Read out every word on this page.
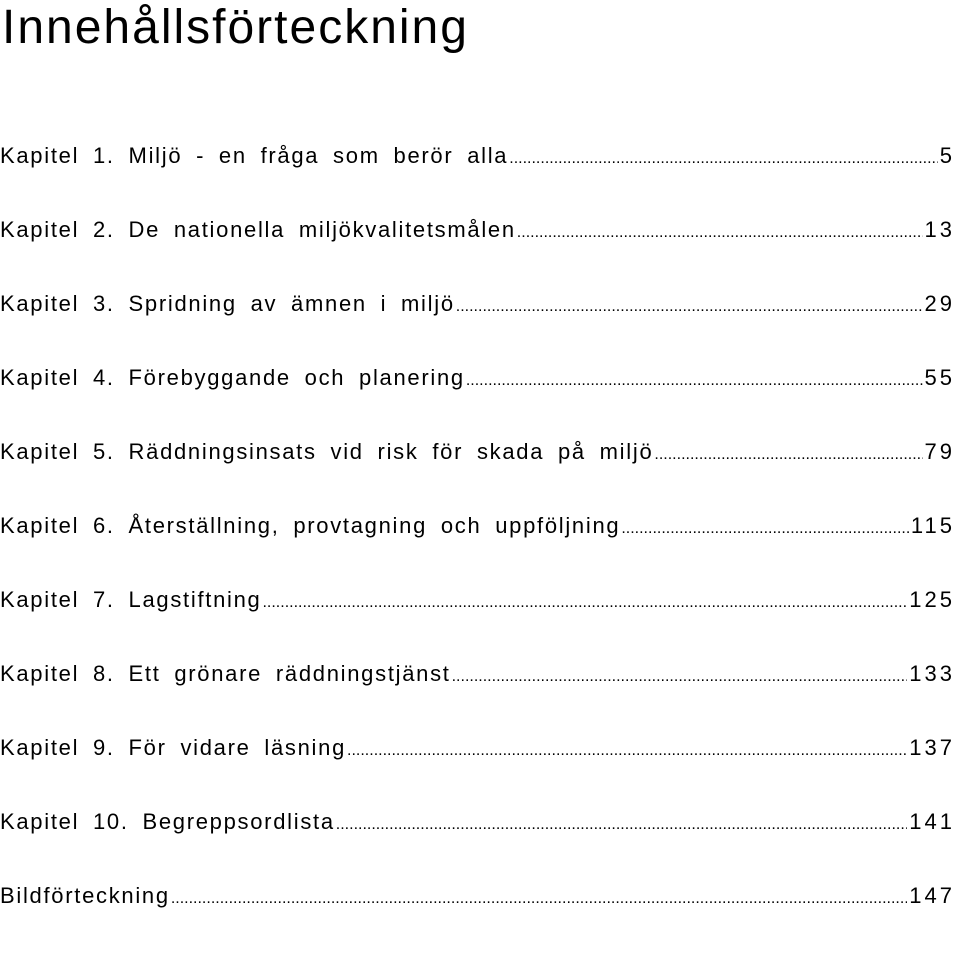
Innehållsförteckning
Kapitel 1. Miljö - en fråga som berör alla .....	5
Kapitel 2. De nationella miljökvalitetsmålen .....	13
Kapitel 3. Spridning av ämnen i miljö .....	29
Kapitel 4. Förebyggande och planering .....	55
Kapitel 5. Räddningsinsats vid risk för skada på miljö .....	79
Kapitel 6. Återställning, provtagning och uppföljning .....	115
Kapitel 7. Lagstiftning .....	125
Kapitel 8. Ett grönare räddningstjänst .....	133
Kapitel 9. För vidare läsning .....	137
Kapitel 10. Begreppsordlista .....	141
Bildförteckning .....	147
